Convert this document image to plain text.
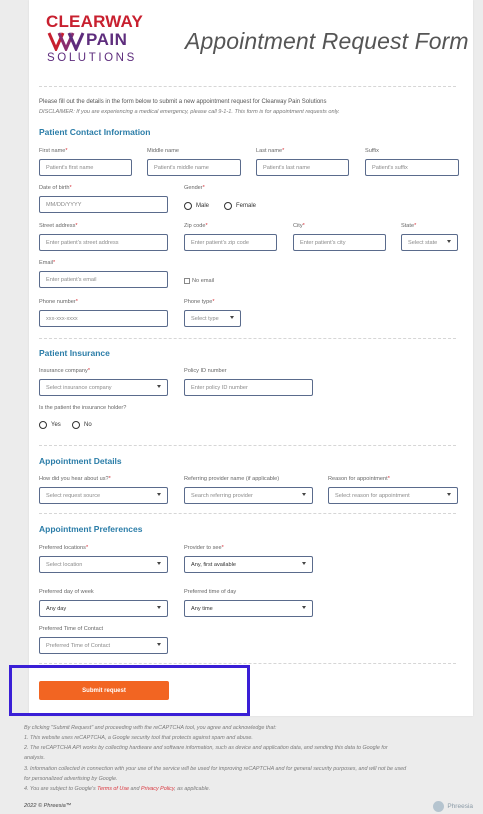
CLEARWAY
PAIN
SOLUTIONS
Appointment Request Form
Please fill out the details in the form below to submit a new appointment request for Clearway Pain Solutions
DISCLAIMER: If you are experiencing a medical emergency, please call 9-1-1. This form is for appointment requests only.
Patient Contact Information
First name*
Patient's first name
Middle name
Patient's middle name
Last name*
Patient's last name
Suffix
Patient's suffix
Date of birth*
MM/DD/YYYY
Gender*
Male	Female
Street address*
Enter patient's street address
Zip code*
Enter patient's zip code
City*
Enter patient's city
State*
Select state
Email*
Enter patient's email	No email
Phone number*
xxx-xxx-xxxx
Phone type*
Select type
Patient Insurance
Insurance company*
Select insurance company
Policy ID number
Enter policy ID number
Is the patient the insurance holder?
Yes	No
Appointment Details
How did you hear about us?*
Select request source
Referring provider name (if applicable)
Search referring provider
Reason for appointment*
Select reason for appointment
Appointment Preferences
Preferred locations*
Select location
Provider to see*
Any, first available
Preferred day of week
Any day
Preferred time of day
Any time
Preferred Time of Contact
Preferred Time of Contact
Submit request
By clicking "Submit Request" and proceeding with the reCAPTCHA tool, you agree and acknowledge that:
1. This website uses reCAPTCHA, a Google security tool that protects against spam and abuse.
2. The reCAPTCHA API works by collecting hardware and software information, such as device and application data, and sending this data to Google for
analysis.
3. Information collected in connection with your use of the service will be used for improving reCAPTCHA and for general security purposes, and will not be used
for personalized advertising by Google.
4. You are subject to Google's Terms of Use and Privacy Policy, as applicable.
2022 © Phreesia™	Phreesia
